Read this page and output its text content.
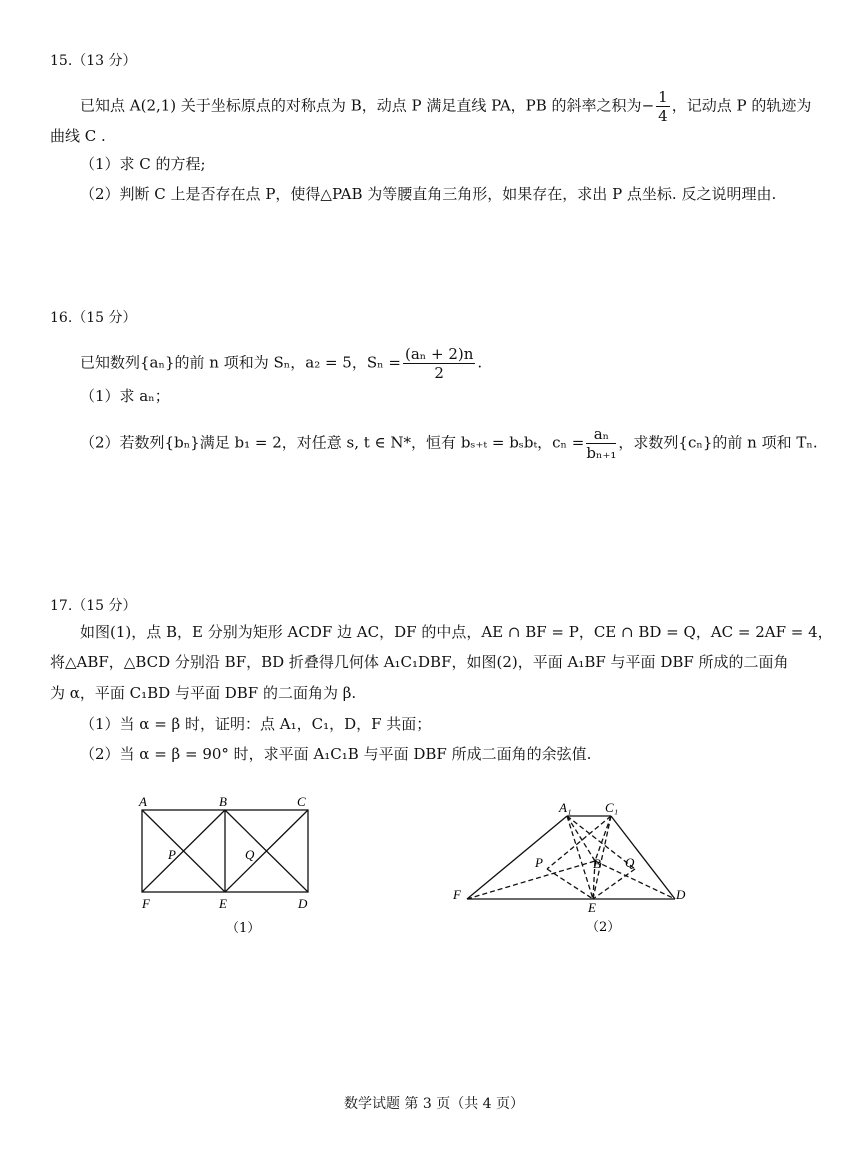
15.（13 分）
已知点 A(2,1) 关于坐标原点的对称点为 B，动点 P 满足直线 PA，PB 的斜率之积为− $\frac{1}{4}$ ，记动点 P 的轨迹为
曲线 C .
（1）求 C 的方程;
（2）判断 C 上是否存在点 P，使得△PAB 为等腰直角三角形，如果存在，求出 P 点坐标. 反之说明理由.
16.（15 分）
已知数列{aₙ}的前 n 项和为 Sₙ，a₂ = 5，$S_n = \frac{\text{(aₙ + 2)n}}{2}$ .
（1）求 aₙ；
（2）若数列{bₙ}满足 b₁ = 2，对任意 s, t ∈ N*，恒有 bₛ₊ₜ = bₛbₜ，$c_n = \frac{\text{aₙ}}{\text{bₙ₊₁}}$ ，求数列{cₙ}的前 n 项和 Tₙ.
17.（15 分）
如图(1)，点 B，E 分别为矩形 ACDF 边 AC，DF 的中点，AE ∩ BF = P，CE ∩ BD = Q，AC = 2AF = 4，
将△ABF，△BCD 分别沿 BF，BD 折叠得几何体 A₁C₁DBF，如图(2)，平面 A₁BF 与平面 DBF 所成的二面角
为 α，平面 C₁BD 与平面 DBF 的二面角为 β.
（1）当 α = β 时，证明：点 A₁，C₁，D，F 共面；
（2）当 α = β = 90° 时，求平面 A₁C₁B 与平面 DBF 所成二面角的余弦值.
A	B	C
F	E	D
P	Q
（1）
A₁	C₁
P	B Q
F
E
D
（2）
数学试题 第 3 页（共 4 页）
